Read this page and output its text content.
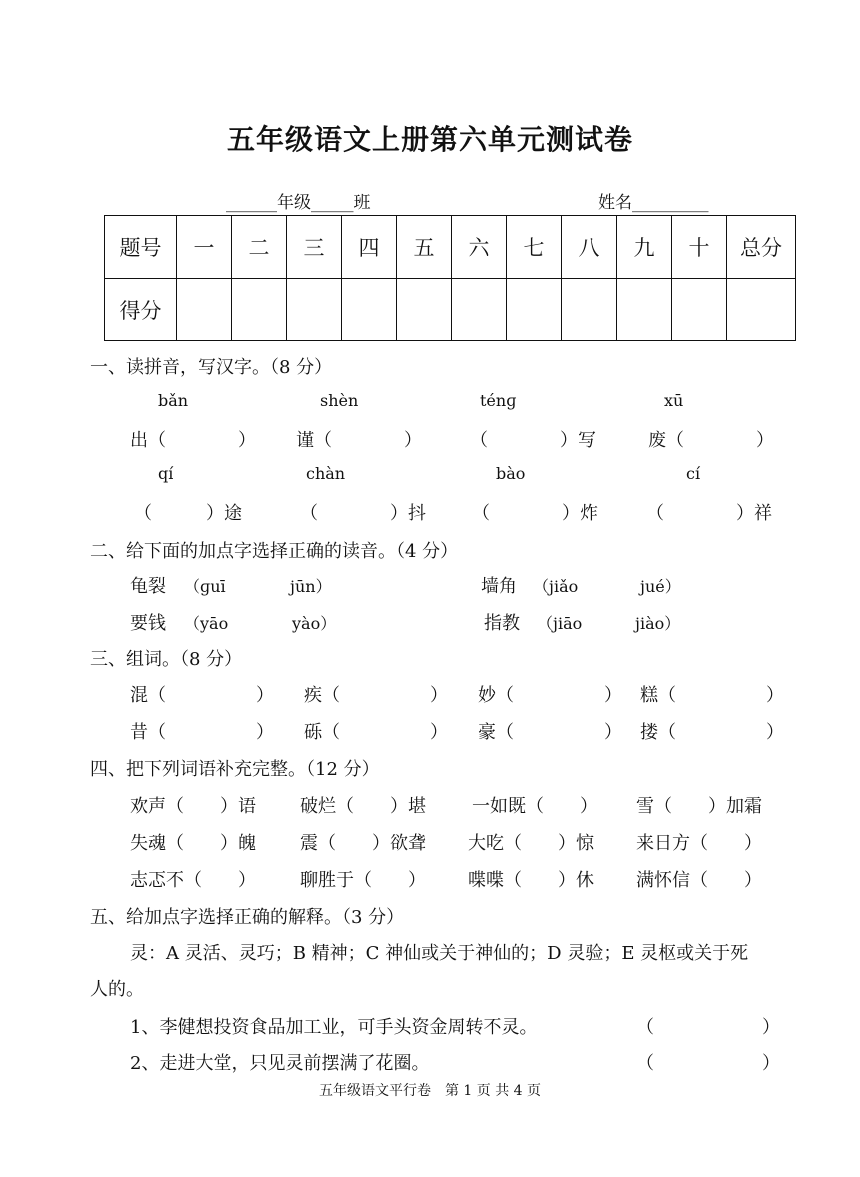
五年级语文上册第六单元测试卷
______年级_____班	姓名_________
题号	一	二	三	四	五	六	七	八	九	十	总分
得分											
一、读拼音，写汉字。（8 分）
bǎn	shèn	ténɡ	xū
出（　　　　） 谨（　　　　）	（　　　　）写	废（　　　　）
qí	chàn	bào	cí
（　　　）途	（　　　　）抖	（　　　　）炸	（　　　　）祥
二、给下面的加点字选择正确的读音。（4 分）
龟裂 （ɡuī	jūn）	墙角 （jiǎo	jué）
要钱 （yāo	yào）	指教 （jiāo	jiào）
三、组词。（8 分）
混（　　　　　） 疾（　　　　　） 妙（　　　　　） 糕（　　　　　）
昔（　　　　　） 砾（　　　　　） 豪（　　　　　） 搂（　　　　　）
四、把下列词语补充完整。（12 分）
欢声（　　）语 破烂（　　）堪	一如既（　　） 雪（　　）加霜
失魂（　　）魄 震（　　）欲聋 大吃（　　）惊 来日方（　　）
志忑不（　　） 聊胜于（　　） 喋喋（　　）休 满怀信（　　）
五、给加点字选择正确的解释。（3 分）
灵：A 灵活、灵巧；B 精神；C 神仙或关于神仙的；D 灵验；E 灵枢或关于死
人的。
1、李健想投资食品加工业，可手头资金周转不灵。	（　　　　　　）
2、走进大堂，只见灵前摆满了花圈。	（　　　　　　）
五年级语文平行卷　第 1 页 共 4 页
